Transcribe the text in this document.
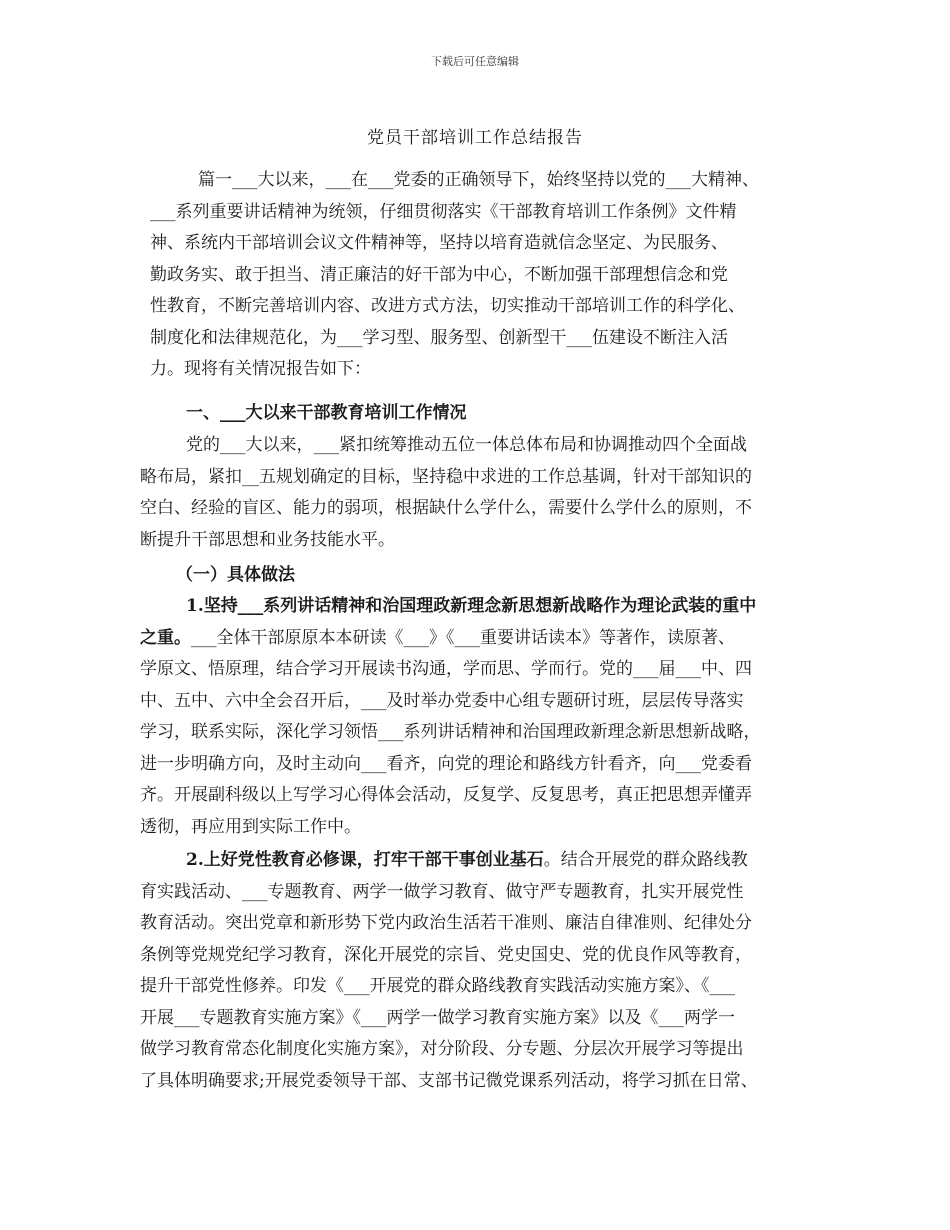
下载后可任意编辑
党员干部培训工作总结报告
篇一___大以来，___在___党委的正确领导下，始终坚持以党的___大精神、
___系列重要讲话精神为统领，仔细贯彻落实《干部教育培训工作条例》文件精
神、系统内干部培训会议文件精神等，坚持以培育造就信念坚定、为民服务、
勤政务实、敢于担当、清正廉洁的好干部为中心，不断加强干部理想信念和党
性教育，不断完善培训内容、改进方式方法，切实推动干部培训工作的科学化、
制度化和法律规范化，为___学习型、服务型、创新型干___伍建设不断注入活
力。现将有关情况报告如下：
一、___大以来干部教育培训工作情况
党的___大以来，___紧扣统筹推动五位一体总体布局和协调推动四个全面战
略布局，紧扣__五规划确定的目标，坚持稳中求进的工作总基调，针对干部知识的
空白、经验的盲区、能力的弱项，根据缺什么学什么，需要什么学什么的原则，不
断提升干部思想和业务技能水平。
（一）具体做法
1.坚持___系列讲话精神和治国理政新理念新思想新战略作为理论武装的重中
之重。___全体干部原原本本研读《___》《___重要讲话读本》等著作，读原著、
学原文、悟原理，结合学习开展读书沟通，学而思、学而行。党的___届___中、四
中、五中、六中全会召开后，___及时举办党委中心组专题研讨班，层层传导落实
学习，联系实际，深化学习领悟___系列讲话精神和治国理政新理念新思想新战略，
进一步明确方向，及时主动向___看齐，向党的理论和路线方针看齐，向___党委看
齐。开展副科级以上写学习心得体会活动，反复学、反复思考，真正把思想弄懂弄
透彻，再应用到实际工作中。
2.上好党性教育必修课，打牢干部干事创业基石。结合开展党的群众路线教
育实践活动、___专题教育、两学一做学习教育、做守严专题教育，扎实开展党性
教育活动。突出党章和新形势下党内政治生活若干准则、廉洁自律准则、纪律处分
条例等党规党纪学习教育，深化开展党的宗旨、党史国史、党的优良作风等教育，
提升干部党性修养。印发《___开展党的群众路线教育实践活动实施方案》、《___
开展___专题教育实施方案》《___两学一做学习教育实施方案》以及《___两学一
做学习教育常态化制度化实施方案》，对分阶段、分专题、分层次开展学习等提出
了具体明确要求;开展党委领导干部、支部书记微党课系列活动，将学习抓在日常、
